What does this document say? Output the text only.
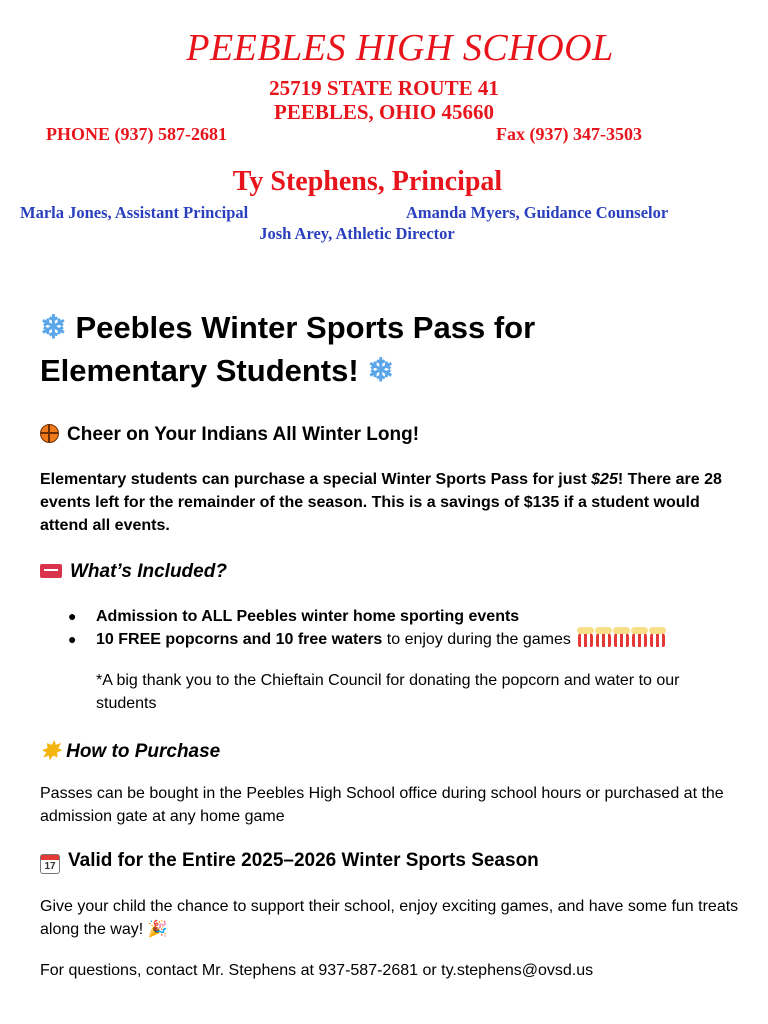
PEEBLES HIGH SCHOOL
25719 STATE ROUTE 41
PEEBLES, OHIO 45660
PHONE (937) 587-2681	Fax (937) 347-3503
Ty Stephens, Principal
Marla Jones, Assistant Principal	Amanda Myers, Guidance Counselor
Josh Arey, Athletic Director
❄ Peebles Winter Sports Pass for
Elementary Students! ❄
Cheer on Your Indians All Winter Long!
Elementary students can purchase a special Winter Sports Pass for just $25! There are 28 events left for the remainder of the season. This is a savings of $135 if a student would attend all events.
What’s Included?
●	Admission to ALL Peebles winter home sporting events
●	10 FREE popcorns and 10 free waters to enjoy during the games
*A big thank you to the Chieftain Council for donating the popcorn and water to our students
✸ How to Purchase
Passes can be bought in the Peebles High School office during school hours or purchased at the admission gate at any home game
17 Valid for the Entire 2025–2026 Winter Sports Season
Give your child the chance to support their school, enjoy exciting games, and have some fun treats along the way! 🎉
For questions, contact Mr. Stephens at 937-587-2681 or ty.stephens@ovsd.us
